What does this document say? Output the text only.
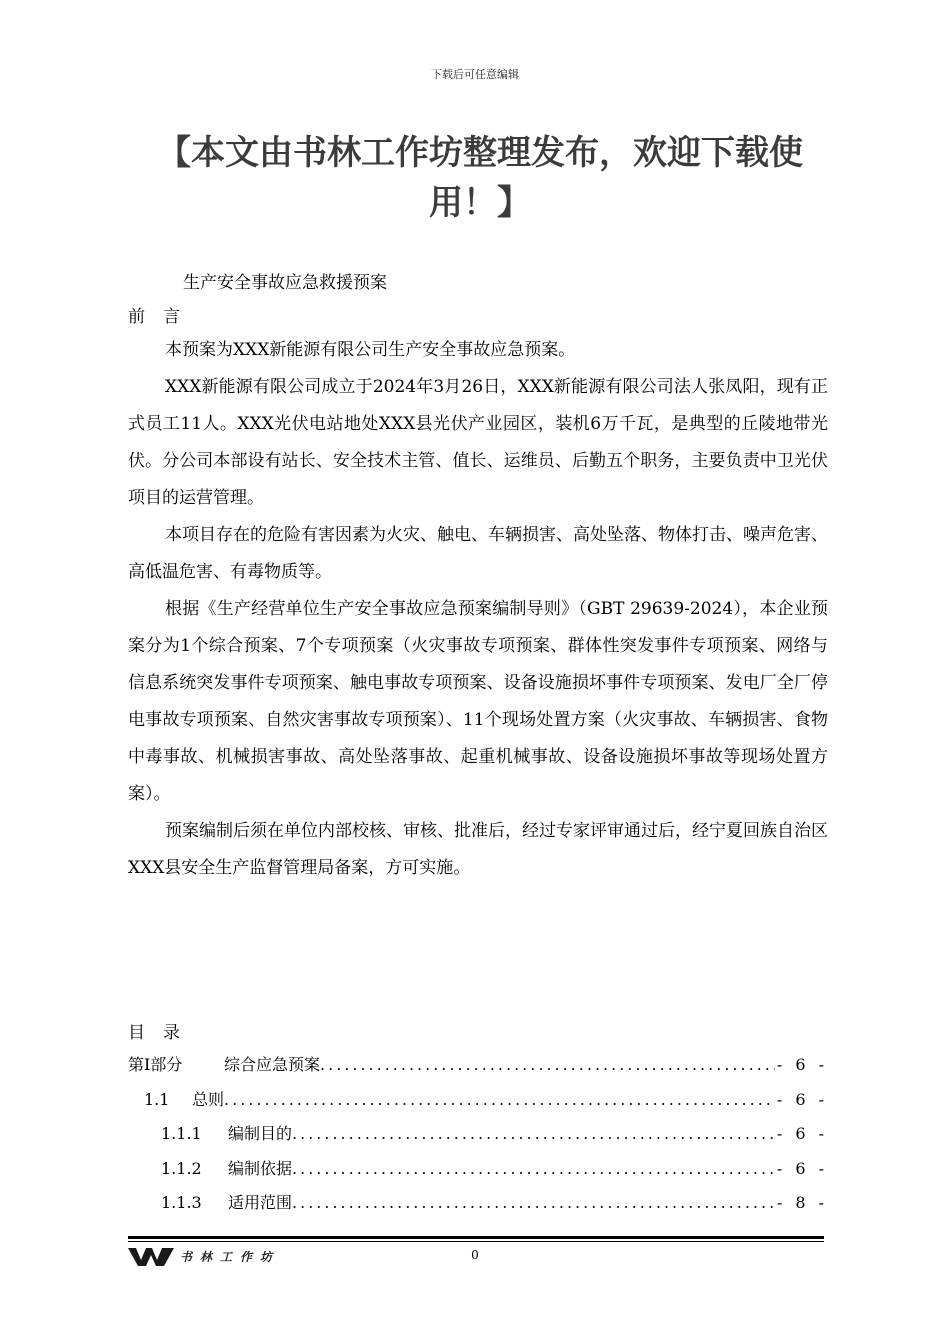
下载后可任意编辑
【本文由书林工作坊整理发布，欢迎下载使用！】
生产安全事故应急救援预案
前言

本预案为XXX新能源有限公司生产安全事故应急预案。

XXX新能源有限公司成立于2024年3月26日，XXX新能源有限公司法人张凤阳，现有正式员工11人。XXX光伏电站地处XXX县光伏产业园区，装机6万千瓦，是典型的丘陵地带光伏。分公司本部设有站长、安全技术主管、值长、运维员、后勤五个职务，主要负责中卫光伏项目的运营管理。

本项目存在的危险有害因素为火灾、触电、车辆损害、高处坠落、物体打击、噪声危害、高低温危害、有毒物质等。

根据《生产经营单位生产安全事故应急预案编制导则》（GBT 29639-2024），本企业预案分为1个综合预案、7个专项预案（火灾事故专项预案、群体性突发事件专项预案、网络与信息系统突发事件专项预案、触电事故专项预案、设备设施损坏事件专项预案、发电厂全厂停电事故专项预案、自然灾害事故专项预案）、11个现场处置方案（火灾事故、车辆损害、食物中毒事故、机械损害事故、高处坠落事故、起重机械事故、设备设施损坏事故等现场处置方案）。

预案编制后须在单位内部校核、审核、批准后，经过专家评审通过后，经宁夏回族自治区XXX县安全生产监督管理局备案，方可实施。

目录
第Ⅰ部分	综合应急预案 .....	- 6 -
1.1	总则 .....	- 6 -
1.1.1	编制目的 .....	- 6 -
1.1.2	编制依据 .....	- 6 -
1.1.3	适用范围 .....	- 8 -
书林工作坊	0
